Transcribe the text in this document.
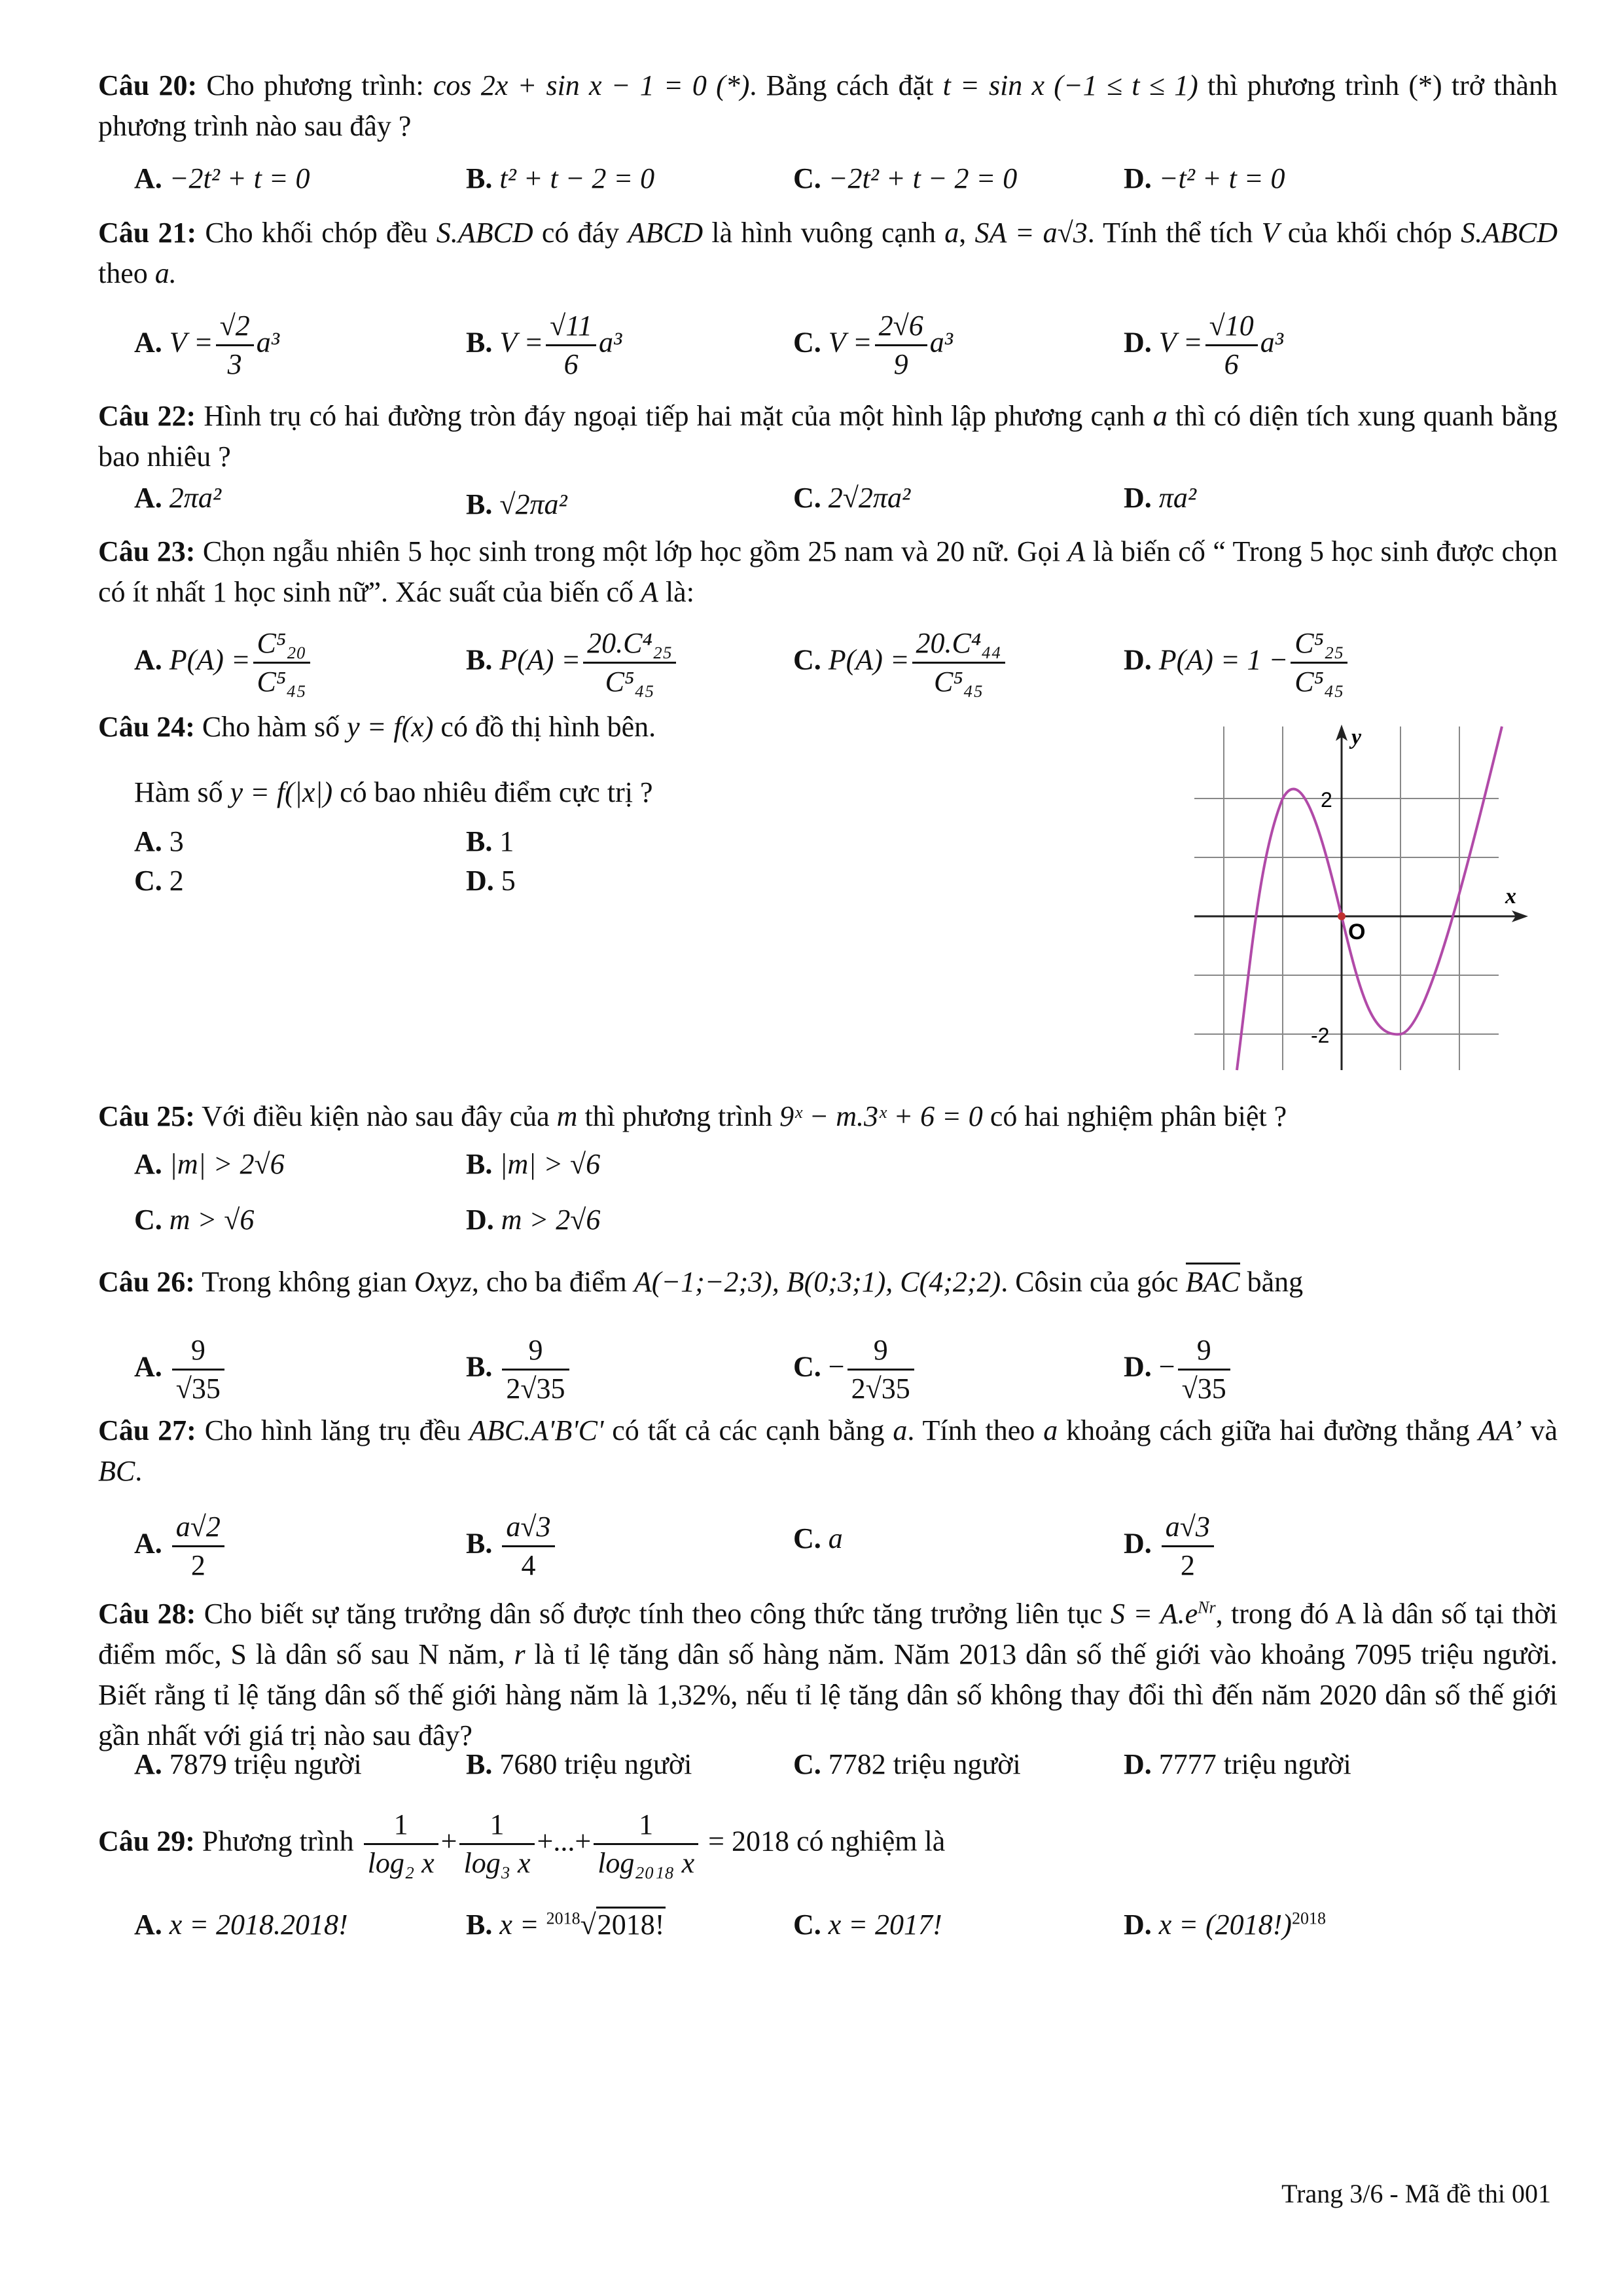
Câu 20: Cho phương trình: cos 2x + sin x − 1 = 0 (*). Bằng cách đặt t = sin x (−1 ≤ t ≤ 1) thì phương trình (*) trở thành phương trình nào sau đây ?
A. −2t² + t = 0	B. t² + t − 2 = 0	C. −2t² + t − 2 = 0	D. −t² + t = 0
Câu 21: Cho khối chóp đều S.ABCD có đáy ABCD là hình vuông cạnh a, SA = a√3. Tính thể tích V của khối chóp S.ABCD theo a.
A. $V = \frac{√2}{3} a^3$	B. $V = \frac{√11}{6} a^3$	C. $V = \frac{2√6}{9} a^3$	D. $V = \frac{√10}{6} a^3$
Câu 22: Hình trụ có hai đường tròn đáy ngoại tiếp hai mặt của một hình lập phương cạnh a thì có diện tích xung quanh bằng bao nhiêu ?
A. 2πa²	B. √2πa²	C. 2√2πa²	D. πa²
Câu 23: Chọn ngẫu nhiên 5 học sinh trong một lớp học gồm 25 nam và 20 nữ. Gọi A là biến cố “ Trong 5 học sinh được chọn có ít nhất 1 học sinh nữ”. Xác suất của biến cố A là:
A. $P(A) = \frac{\text{C⁵₂₀}}{\text{C⁵₄₅}}$	B. $P(A) = \frac{\text{20.C⁴₂₅}}{\text{C⁵₄₅}}$	C. $P(A) = \frac{\text{20.C⁴₄₄}}{\text{C⁵₄₅}}$	D. $P(A) = 1 - \frac{\text{C⁵₂₅}}{\text{C⁵₄₅}}$
Câu 24: Cho hàm số y = f(x) có đồ thị hình bên.
Hàm số y = f(|x|) có bao nhiêu điểm cực trị ?
A. 3	B. 1
C. 2	D. 5
y
x
O
2
-2
Câu 25: Với điều kiện nào sau đây của m thì phương trình 9ˣ − m.3ˣ + 6 = 0 có hai nghiệm phân biệt ?
A. |m| > 2√6	B. |m| > √6
C. m > √6	D. m > 2√6
Câu 26: Trong không gian Oxyz, cho ba điểm A(−1;−2;3), B(0;3;1), C(4;2;2). Côsin của góc BAC bằng
A. $\frac{9}{√35}$	B. $\frac{9}{2√35}$	C. − $\frac{9}{2√35}$	D. − $\frac{9}{√35}$
Câu 27: Cho hình lăng trụ đều ABC.A'B'C' có tất cả các cạnh bằng a. Tính theo a khoảng cách giữa hai đường thẳng AA’ và BC.
A. $\frac{a√2}{2}$	B. $\frac{a√3}{4}$	C. a	D. $\frac{a√3}{2}$
Câu 28: Cho biết sự tăng trưởng dân số được tính theo công thức tăng trưởng liên tục $S = A.e^{Nr}$, trong đó A là dân số tại thời điểm mốc, S là dân số sau N năm, r là tỉ lệ tăng dân số hàng năm. Năm 2013 dân số thế giới vào khoảng 7095 triệu người. Biết rằng tỉ lệ tăng dân số thế giới hàng năm là 1,32%, nếu tỉ lệ tăng dân số không thay đổi thì đến năm 2020 dân số thế giới gần nhất với giá trị nào sau đây?
A. 7879 triệu người	B. 7680 triệu người	C. 7782 triệu người	D. 7777 triệu người
Câu 29: Phương trình $\frac{1}{\text{log₂ x}} + \frac{1}{\text{log₃ x}}$ +...+ $\frac{1}{\text{log₂₀₁₈ x}} = 2018$ có nghiệm là
A. x = 2018.2018!	B. x = $^{2018}$√2018!	C. x = 2017!	D. $x = (2018!)^{2018}$
Trang 3/6 - Mã đề thi 001
